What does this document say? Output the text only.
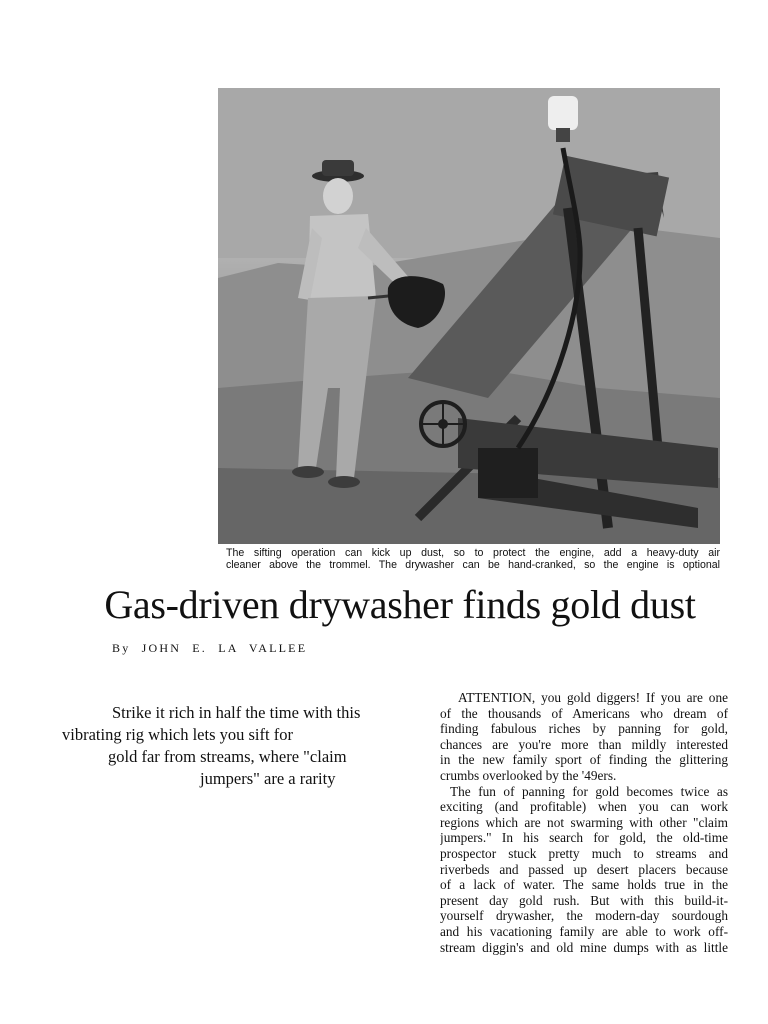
The sifting operation can kick up dust, so to protect the engine, add a heavy-duty air
cleaner above the trommel. The drywasher can be hand-cranked, so the engine is optional
Gas-driven drywasher finds gold dust
By JOHN E. LA VALLEE
Strike it rich in half the time with this
vibrating rig which lets you sift for
gold far from streams, where "claim
jumpers" are a rarity
ATTENTION, you gold diggers! If you are one
of the thousands of Americans who dream of
finding fabulous riches by panning for gold,
chances are you're more than mildly interested
in the new family sport of finding the glittering
crumbs overlooked by the '49ers.
The fun of panning for gold becomes twice as
exciting (and profitable) when you can work
regions which are not swarming with other "claim
jumpers." In his search for gold, the old-time
prospector stuck pretty much to streams and
riverbeds and passed up desert placers because
of a lack of water. The same holds true in the
present day gold rush. But with this build-it-
yourself drywasher, the modern-day sourdough
and his vacationing family are able to work off-
stream diggin's and old mine dumps with as little
